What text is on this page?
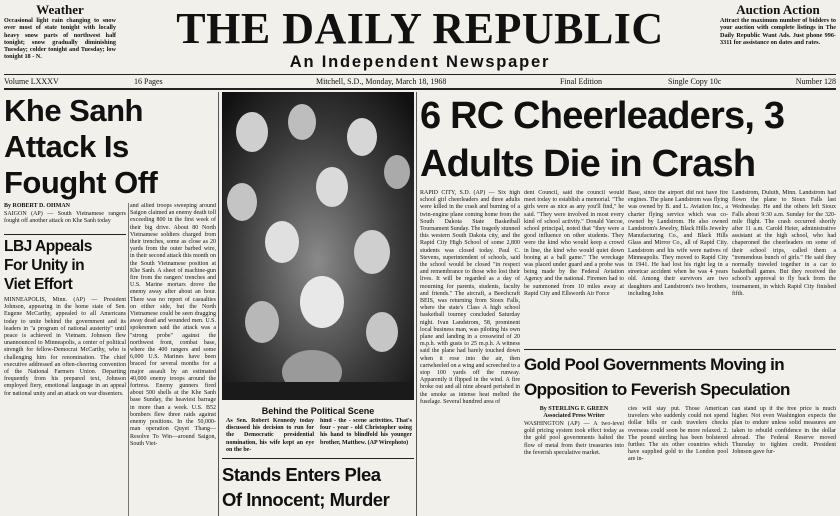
Weather
Occasional light rain changing to snow over most of state tonight with locally heavy snow parts of northwest half tonight; snow gradually diminishing Tuesday; colder tonight and Tuesday; low tonight 18 - N.
THE DAILY REPUBLIC
An Independent Newspaper
Auction Action
Attract the maximum number of bidders to your auction with complete listings in The Daily Republic Want Ads. Just phone 996-3311 for assistance on dates and rates.
Volume LXXXV	16 Pages	Mitchell, S.D., Monday, March 18, 1968	Final Edition	Single Copy 10c	Number 128
Khe Sanh
Attack Is
Fought Off
By ROBERT D. OHMAN
SAIGON (AP) — South Vietnamese rangers fought off another attack on Khe Sanh today
and allied troops sweeping around Saigon claimed an enemy death toll exceeding 800 in the first week of their big drive. About 80 North Vietnamese soldiers charged from their trenches, some as close as 20 yards from the outer barbed wire, in their second attack this month on the South Vietnamese position at Khe Sanh. A sheet of machine-gun fire from the rangers' trenches and U.S. Marine mortars drove the enemy away after about an hour. There was no report of casualties on either side, but the North Vietnamese could be seen dragging away dead and wounded men. U.S. spokesmen said the attack was a "strong probe" against the northwest front, combat base, where the 400 rangers and some 6,000 U.S. Marines have been braced for several months for a major assault by an estimated 40,000 enemy troops around the fortress. Enemy gunners fired about 500 shells at the Khe Sanh base Sunday, the heaviest barrage in more than a week. U.S. B52 bombers flew three raids against enemy positions. In the 50,000-man operation Quyet Thang—Resolve To Win—around Saigon, South Viet-
LBJ Appeals
For Unity in
Viet Effort
MINNEAPOLIS, Minn. (AP) — President Johnson, appearing in the home state of Sen. Eugene McCarthy, appealed to all Americans today to unite behind the government and its leaders in "a program of national austerity" until peace is achieved in Vietnam. Johnson flew unannounced to Minneapolis, a center of political strength for fellow-Democrat McCarthy, who is challenging him for renomination. The chief executive addressed an often-cheering convention of the National Farmers Union. Departing frequently from his prepared text, Johnson employed fiery, emotional language in an appeal for national unity and an attack on war dissenters.
Behind the Political Scene
As Sen. Robert Kennedy today discussed his decision to run for the Democratic presidential nomination, his wife kept an eye on the be-
hind - the - scene activities. That's four - year - old Christopher using his hand to blindfold his younger brother, Matthew. (AP Wirephoto)
Stands Enters Plea
Of Innocent; Murder
6 RC Cheerleaders, 3
Adults Die in Crash
RAPID CITY, S.D. (AP) — Six high school girl cheerleaders and three adults were killed in the crash and burning of a twin-engine plane coming home from the South Dakota State Basketball Tournament Sunday. The tragedy stunned this western South Dakota city, and the Rapid City High School of some 2,800 students was closed today. Paul C. Stevens, superintendent of schools, said the school would be closed "in respect and remembrance to those who lost their lives. It will be regarded as a day of mourning for parents, students, faculty and friends." The aircraft, a Beechcraft BEIS, was returning from Sioux Falls, where the state's Class A high school basketball tourney concluded Saturday night. Ivan Landstrom, 58, prominent local business man, was piloting his own plane and landing in a crosswind of 20 m.p.h. with gusts to 25 m.p.h. A witness said the plane had barely touched down when it rose into the air, then cartwheeled on a wing and screeched to a stop 100 yards off the runway. Apparently it flipped in the wind. A fire broke out and all nine aboard perished in the smoke as intense heat melted the fuselage. Several hundred area of
dent Council, said the council would meet today to establish a memorial. "The girls were as nice as any you'll find," he said. "They were involved in most every kind of school activity." Donald Varcoe, school principal, noted that "they were a good influence on other students. They were the kind who would keep a crowd in line, the kind who would quiet down booing at a ball game." The wreckage was placed under guard and a probe was being made by the Federal Aviation Agency and the national. Firemen had to be summoned from 10 miles away at Rapid City and Ellsworth Air Force
Base, since the airport did not have fire engines. The plane Landstrom was flying was owned by B. and L. Aviation Inc., a charter flying service which was co-owned by Landstrom. He also owned Landstrom's Jewelry, Black Hills Jewelry Manufacturing Co., and Black Hills Glass and Mirror Co., all of Rapid City. Landstrom and his wife were natives of Minneapolis. They moved to Rapid City in 1941. He had lost his right leg in a streetcar accident when he was 4 years old. Among their survivors are two daughters and Landstrom's two brothers, including John
Landstrom, Duluth, Minn. Landstrom had flown the plane to Sioux Falls last Wednesday. He and the others left Sioux Falls about 9:30 a.m. Sunday for the 320-mile flight. The crash occurred shortly after 11 a.m. Carold Heier, administrative assistant at the high school, who had chaperoned the cheerleaders on some of their school trips, called them a "tremendous bunch of girls." He said they normally traveled together in a car to basketball games. But they received the school's approval to fly back from the tournament, in which Rapid City finished fifth.
Gold Pool Governments Moving in
Opposition to Feverish Speculation
By STERLING F. GREEN
Associated Press Writer
WASHINGTON (AP) — A two-level gold pricing system took effect today as the gold pool governments halted the flow of metal from their treasuries into the feverish speculative market.
cies will stay put. Those American travelers who suddenly could not spend dollar bills or cash travelers checks overseas could soon be more relaxed. 2. The pound sterling has been bolstered further. The six other countries which have supplied gold to the London pool are in-
can stand up if the free price is much higher. Not even Washington expects the plan to endure unless solid measures are taken to rebuild confidence in the dollar abroad. The Federal Reserve moved Thursday to tighten credit. President Johnson gave fur-
